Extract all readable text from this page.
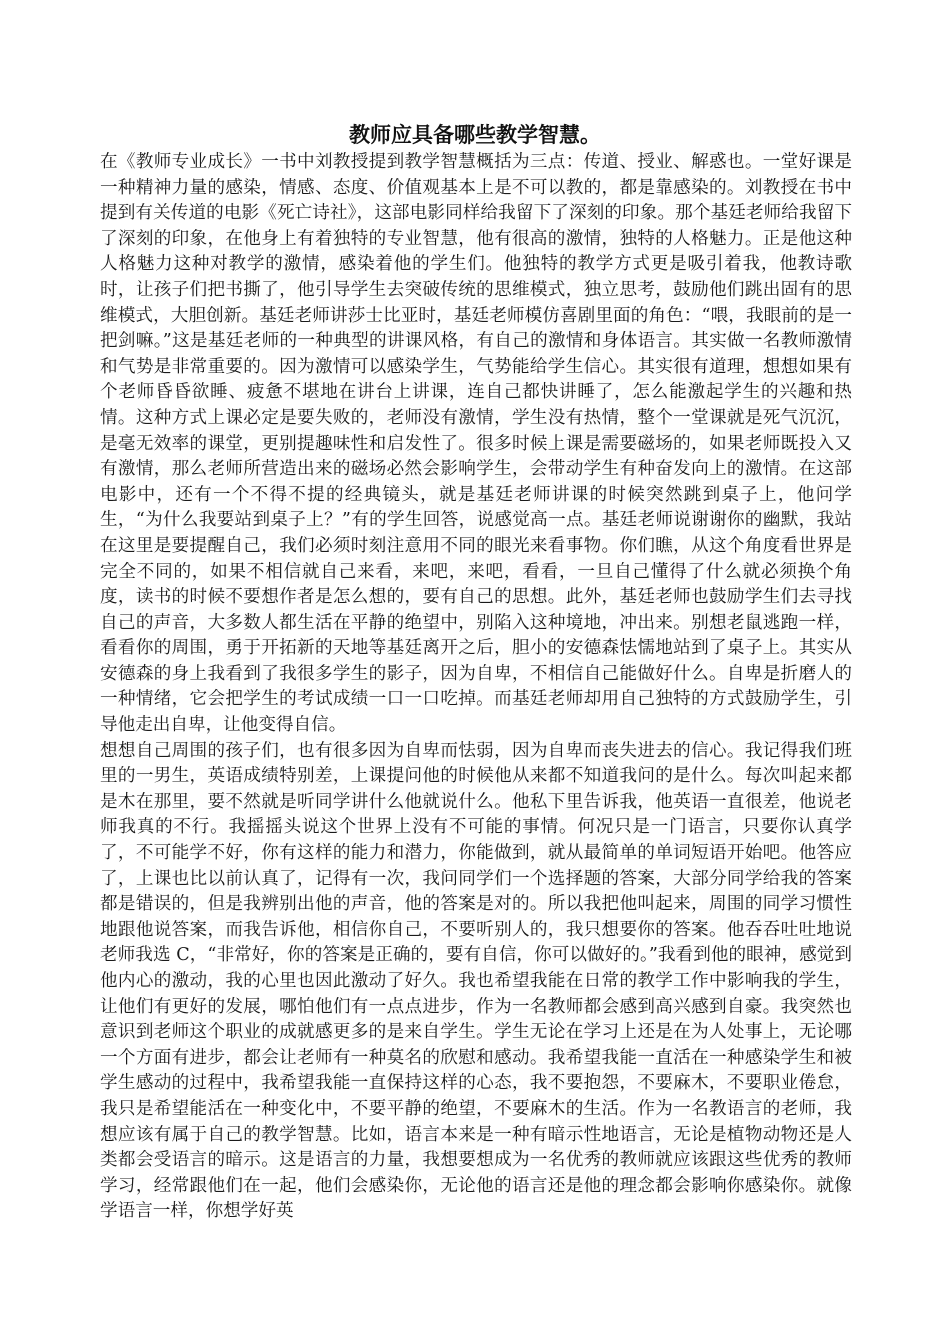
教师应具备哪些教学智慧。

在《教师专业成长》一书中刘教授提到教学智慧概括为三点：传道、授业、解惑也。一堂好课是一种精神力量的感染，情感、态度、价值观基本上是不可以教的，都是靠感染的。刘教授在书中提到有关传道的电影《死亡诗社》，这部电影同样给我留下了深刻的印象。那个基廷老师给我留下了深刻的印象，在他身上有着独特的专业智慧，他有很高的激情，独特的人格魅力。正是他这种人格魅力这种对教学的激情，感染着他的学生们。他独特的教学方式更是吸引着我，他教诗歌时，让孩子们把书撕了，他引导学生去突破传统的思维模式，独立思考，鼓励他们跳出固有的思维模式，大胆创新。基廷老师讲莎士比亚时，基廷老师模仿喜剧里面的角色：“喂，我眼前的是一把剑嘛。”这是基廷老师的一种典型的讲课风格，有自己的激情和身体语言。其实做一名教师激情和气势是非常重要的。因为激情可以感染学生，气势能给学生信心。其实很有道理，想想如果有个老师昏昏欲睡、疲惫不堪地在讲台上讲课，连自己都快讲睡了，怎么能激起学生的兴趣和热情。这种方式上课必定是要失败的，老师没有激情，学生没有热情，整个一堂课就是死气沉沉，是毫无效率的课堂，更别提趣味性和启发性了。很多时候上课是需要磁场的，如果老师既投入又有激情，那么老师所营造出来的磁场必然会影响学生，会带动学生有种奋发向上的激情。在这部电影中，还有一个不得不提的经典镜头，就是基廷老师讲课的时候突然跳到桌子上，他问学生，“为什么我要站到桌子上？”有的学生回答，说感觉高一点。基廷老师说谢谢你的幽默，我站在这里是要提醒自己，我们必须时刻注意用不同的眼光来看事物。你们瞧，从这个角度看世界是完全不同的，如果不相信就自己来看，来吧，来吧，看看，一旦自己懂得了什么就必须换个角度，读书的时候不要想作者是怎么想的，要有自己的思想。此外，基廷老师也鼓励学生们去寻找自己的声音，大多数人都生活在平静的绝望中，别陷入这种境地，冲出来。别想老鼠逃跑一样，看看你的周围，勇于开拓新的天地等基廷离开之后，胆小的安德森怯懦地站到了桌子上。其实从安德森的身上我看到了我很多学生的影子，因为自卑，不相信自己能做好什么。自卑是折磨人的一种情绪，它会把学生的考试成绩一口一口吃掉。而基廷老师却用自己独特的方式鼓励学生，引导他走出自卑，让他变得自信。

想想自己周围的孩子们，也有很多因为自卑而怯弱，因为自卑而丧失进去的信心。我记得我们班里的一男生，英语成绩特别差，上课提问他的时候他从来都不知道我问的是什么。每次叫起来都是木在那里，要不然就是听同学讲什么他就说什么。他私下里告诉我，他英语一直很差，他说老师我真的不行。我摇摇头说这个世界上没有不可能的事情。何况只是一门语言，只要你认真学了，不可能学不好，你有这样的能力和潜力，你能做到，就从最简单的单词短语开始吧。他答应了，上课也比以前认真了，记得有一次，我问同学们一个选择题的答案，大部分同学给我的答案都是错误的，但是我辨别出他的声音，他的答案是对的。所以我把他叫起来，周围的同学习惯性地跟他说答案，而我告诉他，相信你自己，不要听别人的，我只想要你的答案。他吞吞吐吐地说老师我选 C，“非常好，你的答案是正确的，要有自信，你可以做好的。”我看到他的眼神，感觉到他内心的激动，我的心里也因此激动了好久。我也希望我能在日常的教学工作中影响我的学生，让他们有更好的发展，哪怕他们有一点点进步，作为一名教师都会感到高兴感到自豪。我突然也意识到老师这个职业的成就感更多的是来自学生。学生无论在学习上还是在为人处事上，无论哪一个方面有进步，都会让老师有一种莫名的欣慰和感动。我希望我能一直活在一种感染学生和被学生感动的过程中，我希望我能一直保持这样的心态，我不要抱怨，不要麻木，不要职业倦怠，我只是希望能活在一种变化中，不要平静的绝望，不要麻木的生活。作为一名教语言的老师，我想应该有属于自己的教学智慧。比如，语言本来是一种有暗示性地语言，无论是植物动物还是人类都会受语言的暗示。这是语言的力量，我想要想成为一名优秀的教师就应该跟这些优秀的教师学习，经常跟他们在一起，他们会感染你，无论他的语言还是他的理念都会影响你感染你。就像学语言一样，你想学好英
